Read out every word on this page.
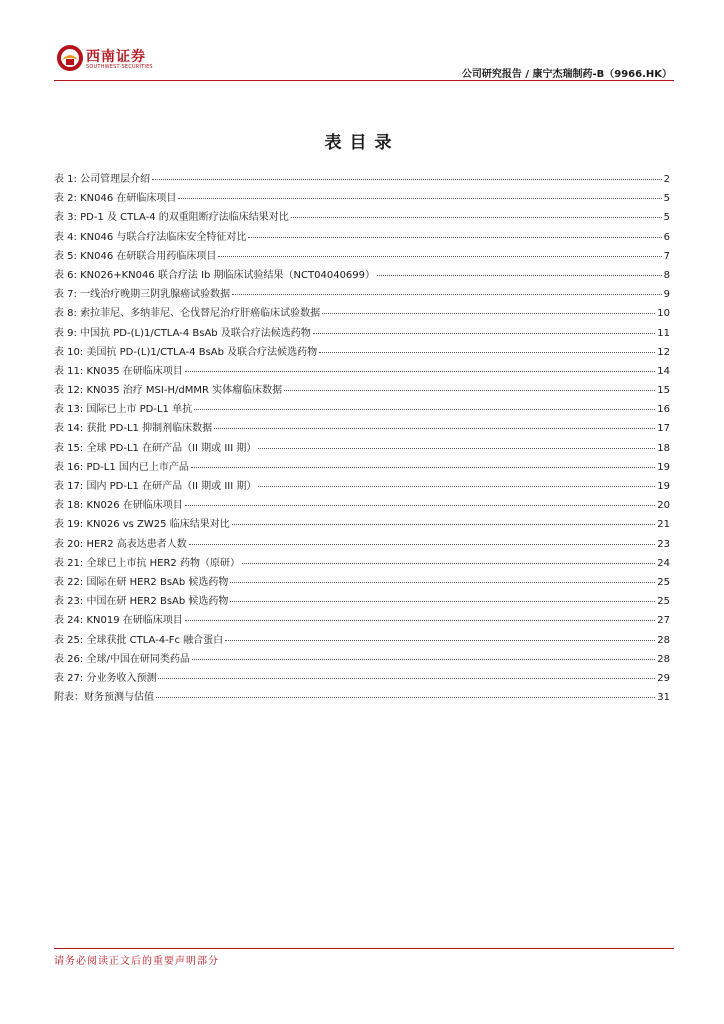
西南证券
SOUTHWEST SECURITIES
公司研究报告 / 康宁杰瑞制药-B（9966.HK）
表目录
表 1: 公司管理层介绍	2
表 2: KN046 在研临床项目	5
表 3: PD-1 及 CTLA-4 的双重阻断疗法临床结果对比	5
表 4: KN046 与联合疗法临床安全特征对比	6
表 5: KN046 在研联合用药临床项目	7
表 6: KN026+KN046 联合疗法 Ib 期临床试验结果（NCT04040699）	8
表 7: 一线治疗晚期三阴乳腺癌试验数据	9
表 8: 索拉菲尼、多纳菲尼、仑伐替尼治疗肝癌临床试验数据	10
表 9: 中国抗 PD-(L)1/CTLA-4 BsAb 及联合疗法候选药物	11
表 10: 美国抗 PD-(L)1/CTLA-4 BsAb 及联合疗法候选药物	12
表 11: KN035 在研临床项目	14
表 12: KN035 治疗 MSI-H/dMMR 实体瘤临床数据	15
表 13: 国际已上市 PD-L1 单抗	16
表 14: 获批 PD-L1 抑制剂临床数据	17
表 15: 全球 PD-L1 在研产品（II 期或 III 期）	18
表 16: PD-L1 国内已上市产品	19
表 17: 国内 PD-L1 在研产品（II 期或 III 期）	19
表 18: KN026 在研临床项目	20
表 19: KN026 vs ZW25 临床结果对比	21
表 20: HER2 高表达患者人数	23
表 21: 全球已上市抗 HER2 药物（原研）	24
表 22: 国际在研 HER2 BsAb 候选药物	25
表 23: 中国在研 HER2 BsAb 候选药物	25
表 24: KN019 在研临床项目	27
表 25: 全球获批 CTLA-4-Fc 融合蛋白	28
表 26: 全球/中国在研同类药品	28
表 27: 分业务收入预测	29
附表：财务预测与估值	31
请务必阅读正文后的重要声明部分
